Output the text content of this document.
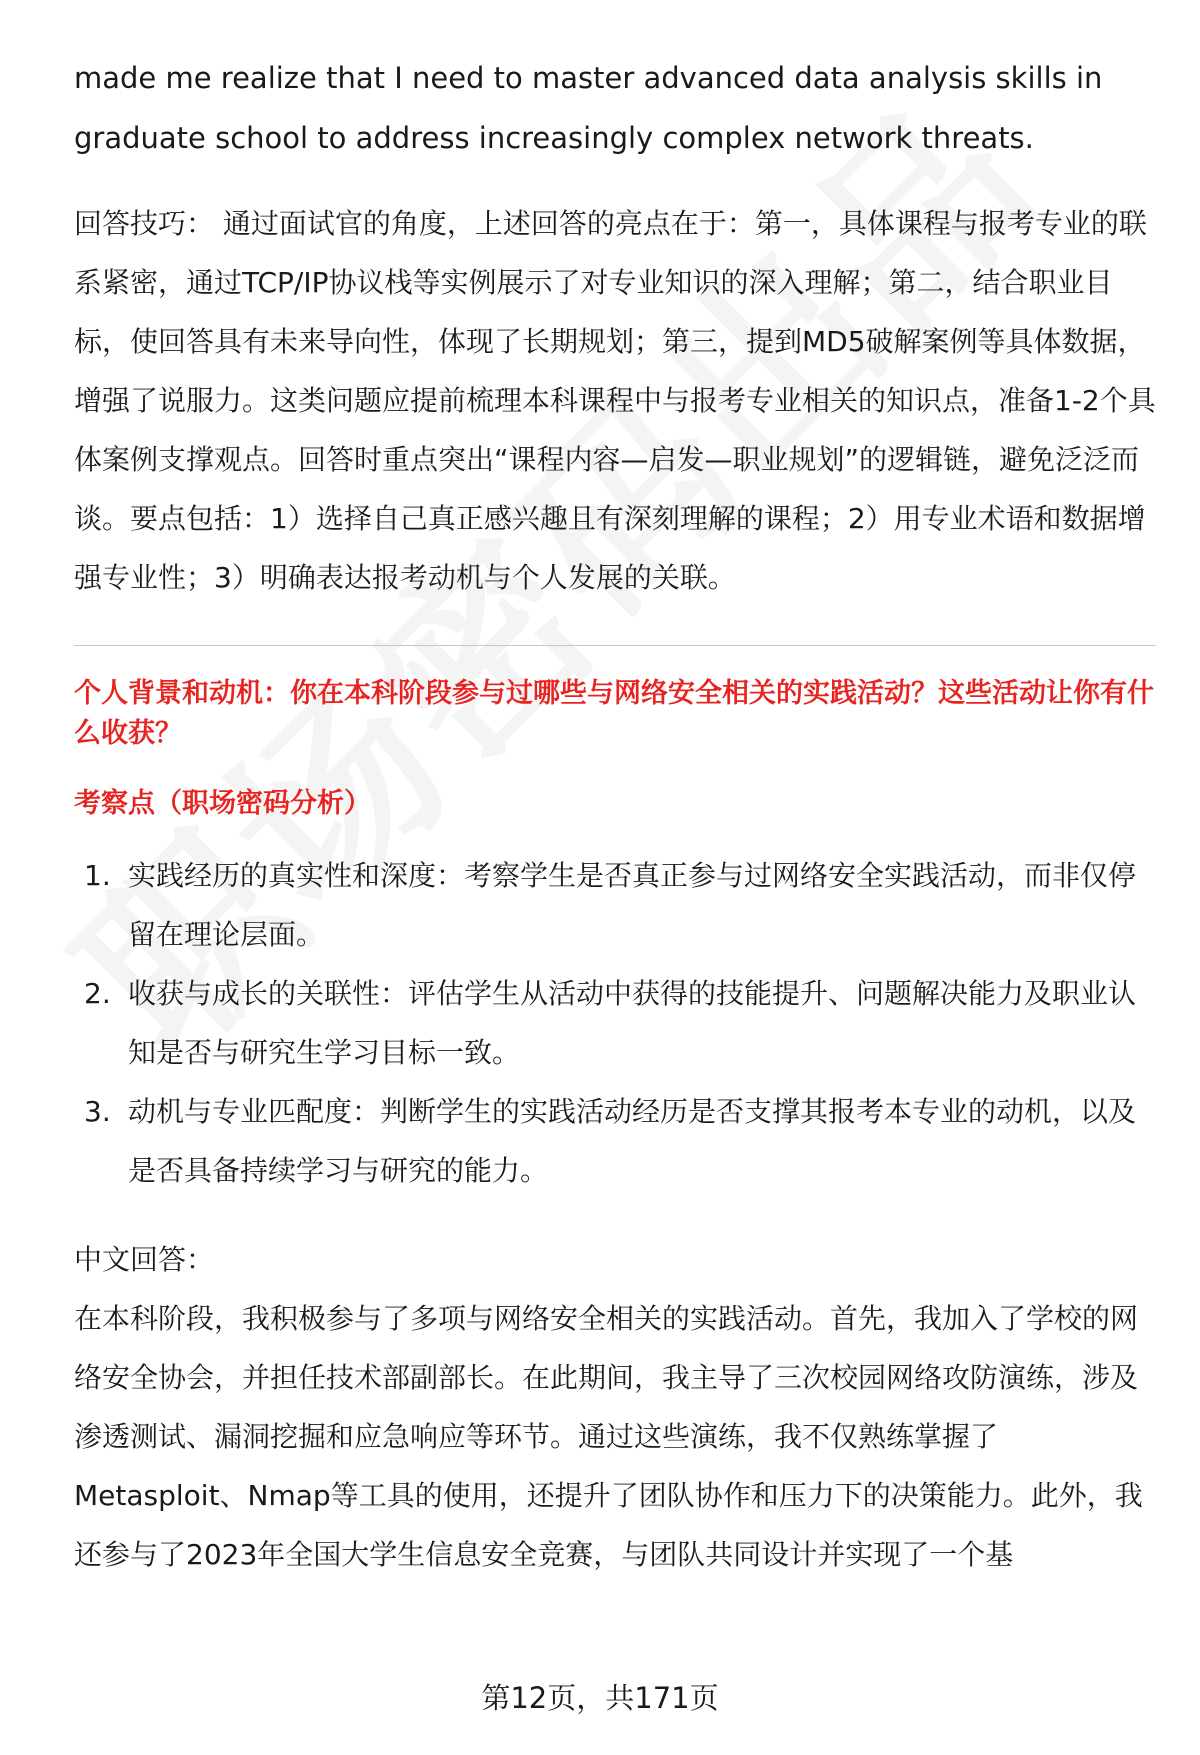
made me realize that I need to master advanced data analysis skills in

graduate school to address increasingly complex network threats.

回答技巧： 通过面试官的角度，上述回答的亮点在于：第一，具体课程与报考专业的联系紧密，通过TCP/IP协议栈等实例展示了对专业知识的深入理解；第二，结合职业目标，使回答具有未来导向性，体现了长期规划；第三，提到MD5破解案例等具体数据，增强了说服力。这类问题应提前梳理本科课程中与报考专业相关的知识点，准备1-2个具体案例支撑观点。回答时重点突出“课程内容—启发—职业规划”的逻辑链，避免泛泛而谈。要点包括：1）选择自己真正感兴趣且有深刻理解的课程；2）用专业术语和数据增强专业性；3）明确表达报考动机与个人发展的关联。

个人背景和动机：你在本科阶段参与过哪些与网络安全相关的实践活动？这些活动让你有什么收获？

考察点（职场密码分析）

1. 实践经历的真实性和深度：考察学生是否真正参与过网络安全实践活动，而非仅停留在理论层面。
2. 收获与成长的关联性：评估学生从活动中获得的技能提升、问题解决能力及职业认知是否与研究生学习目标一致。
3. 动机与专业匹配度：判断学生的实践活动经历是否支撑其报考本专业的动机，以及是否具备持续学习与研究的能力。

中文回答：

在本科阶段，我积极参与了多项与网络安全相关的实践活动。首先，我加入了学校的网络安全协会，并担任技术部副部长。在此期间，我主导了三次校园网络攻防演练，涉及渗透测试、漏洞挖掘和应急响应等环节。通过这些演练，我不仅熟练掌握了Metasploit、Nmap等工具的使用，还提升了团队协作和压力下的决策能力。此外，我还参与了2023年全国大学生信息安全竞赛，与团队共同设计并实现了一个基

第12页，共171页
